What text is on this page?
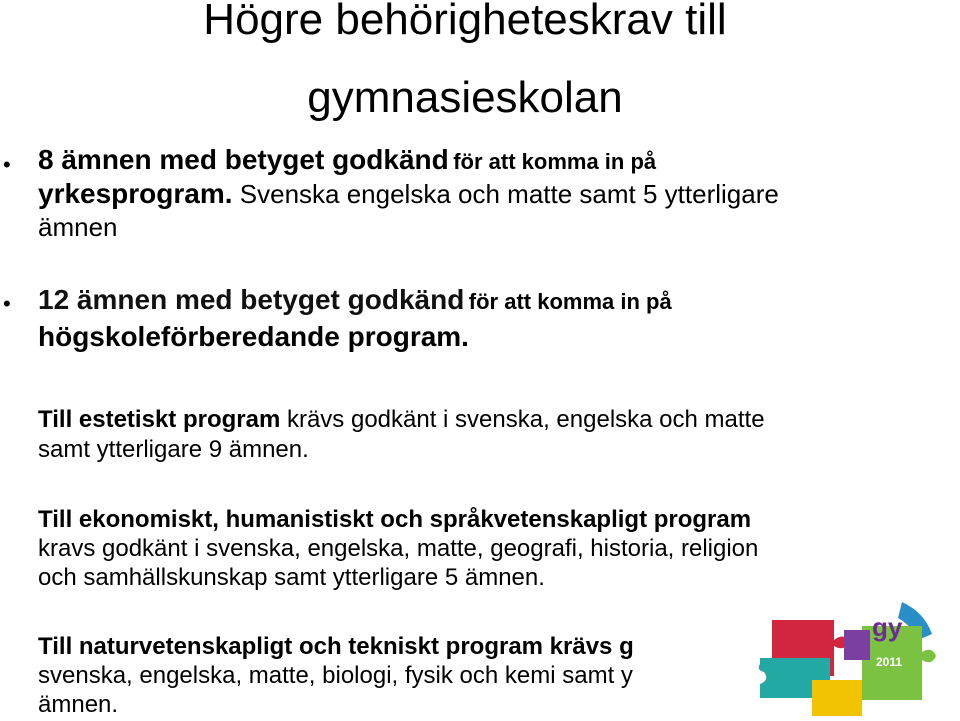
Högre behörigheteskrav till
gymnasieskolan
• 8 ämnen med betyget godkänd för att komma in på

yrkesprogram. Svenska engelska och matte samt 5 ytterligare

ämnen

• 12 ämnen med betyget godkänd för att komma in på

högskoleförberedande program.

Till estetiskt program krävs godkänt i svenska, engelska och matte

samt ytterligare 9 ämnen.

Till ekonomiskt, humanistiskt och språkvetenskapligt program

kravs godkänt i svenska, engelska, matte, geografi, historia, religion

och samhällskunskap samt ytterligare 5 ämnen.

Till naturvetenskapligt och tekniskt program krävs g

svenska, engelska, matte, biologi, fysik och kemi samt y

ämnen.

gy
2011
